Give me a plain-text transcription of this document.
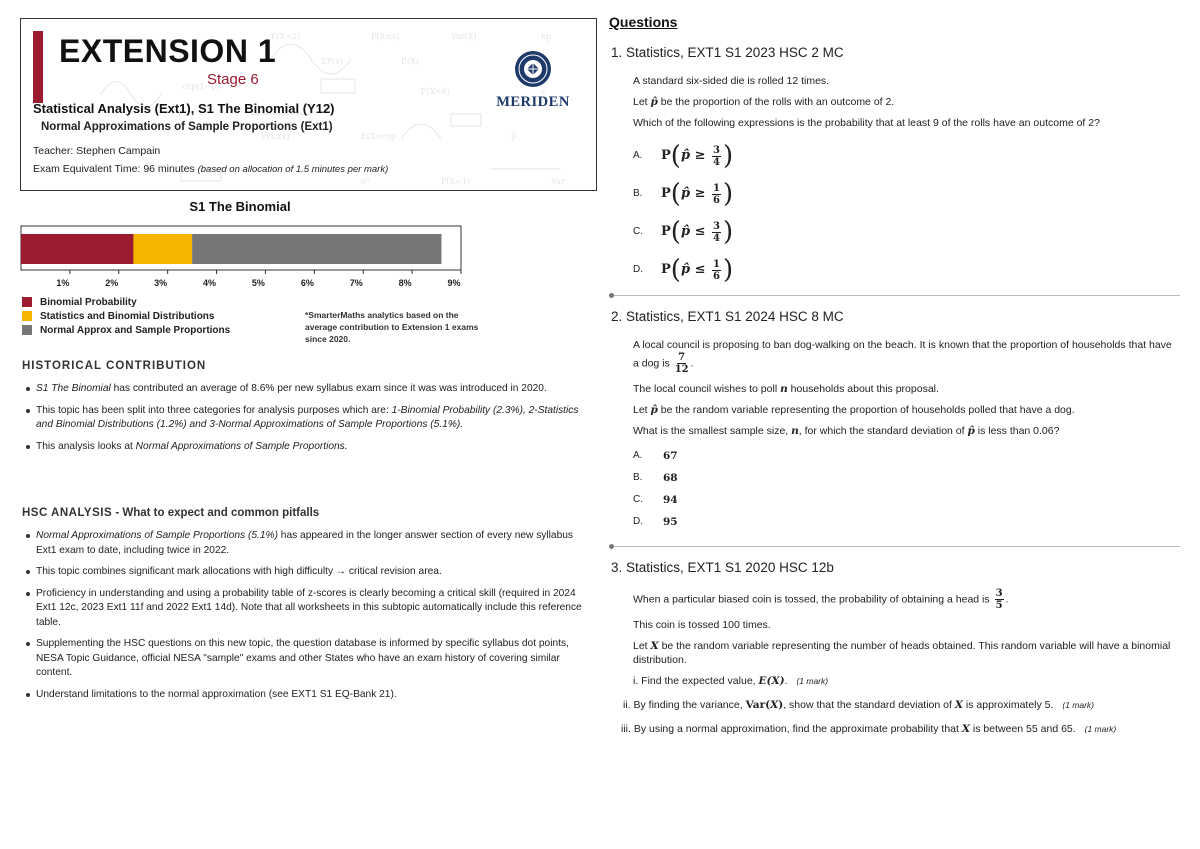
P(X=2)	P(X≤x)	Var(X)
ΣP(x)	E(X)
np
√np(1−p)
P(X=k)	z
P(X≥x)	E(X)=np	p̂
P(X=1)
σ²	Var
EXTENSION 1
Stage 6
Statistical Analysis (Ext1), S1 The Binomial (Y12)
Normal Approximations of Sample Proportions (Ext1)
Teacher: Stephen Campain
Exam Equivalent Time: 96 minutes (based on allocation of 1.5 minutes per mark)
MERIDEN

S1 The Binomial
1%	2%	3%	4%	5%	6%	7%	8%	9%
Binomial Probability
Statistics and Binomial Distributions
Normal Approx and Sample Proportions
*SmarterMaths analytics based on the average contribution to Extension 1 exams since 2020.
HISTORICAL CONTRIBUTION
S1 The Binomial has contributed an average of 8.6% per new syllabus exam since it was was introduced in 2020.
This topic has been split into three categories for analysis purposes which are: 1-Binomial Probability (2.3%), 2-Statistics and Binomial Distributions (1.2%) and 3-Normal Approximations of Sample Proportions (5.1%).
This analysis looks at Normal Approximations of Sample Proportions.
HSC ANALYSIS - What to expect and common pitfalls
Normal Approximations of Sample Proportions (5.1%) has appeared in the longer answer section of every new syllabus Ext1 exam to date, including twice in 2022.
This topic combines significant mark allocations with high difficulty → critical revision area.
Proficiency in understanding and using a probability table of z-scores is clearly becoming a critical skill (required in 2024 Ext1 12c, 2023 Ext1 11f and 2022 Ext1 14d). Note that all worksheets in this subtopic automatically include this reference table.
Supplementing the HSC questions on this new topic, the question database is informed by specific syllabus dot points, NESA Topic Guidance, official NESA "sample" exams and other States who have an exam history of covering similar content.
Understand limitations to the normal approximation (see EXT1 S1 EQ-Bank 21).
Questions
1. Statistics, EXT1 S1 2023 HSC 2 MC

A standard six-sided die is rolled 12 times.

Let p̂ be the proportion of the rolls with an outcome of 2.

Which of the following expressions is the probability that at least 9 of the rolls have an outcome of 2?

A.	P ( p̂
≥
$\frac{3}{4}$ )
B.	P ( p̂
≥
$\frac{1}{6}$ )
C.	P ( p̂
≤
$\frac{3}{4}$ )
D.	P ( p̂
≤
$\frac{1}{6}$ )
2. Statistics, EXT1 S1 2024 HSC 8 MC

A local council is proposing to ban dog-walking on the beach. It is known that the proportion of households that have a dog is $\frac{7}{12}$ .

The local council wishes to poll n households about this proposal.

Let p̂ be the random variable representing the proportion of households polled that have a dog.

What is the smallest sample size, n, for which the standard deviation of p̂ is less than 0.06?

A.	67
B.	68
C.	94
D.	95
3. Statistics, EXT1 S1 2020 HSC 12b

When a particular biased coin is tossed, the probability of obtaining a head is $\frac{3}{5}$ .

This coin is tossed 100 times.

Let X be the random variable representing the number of heads obtained. This random variable will have a binomial distribution.

i. Find the expected value, E(X). (1 mark)
ii. By finding the variance, Var(X), show that the standard deviation of X is approximately 5. (1 mark)
iii. By using a normal approximation, find the approximate probability that X is between 55 and 65. (1 mark)
